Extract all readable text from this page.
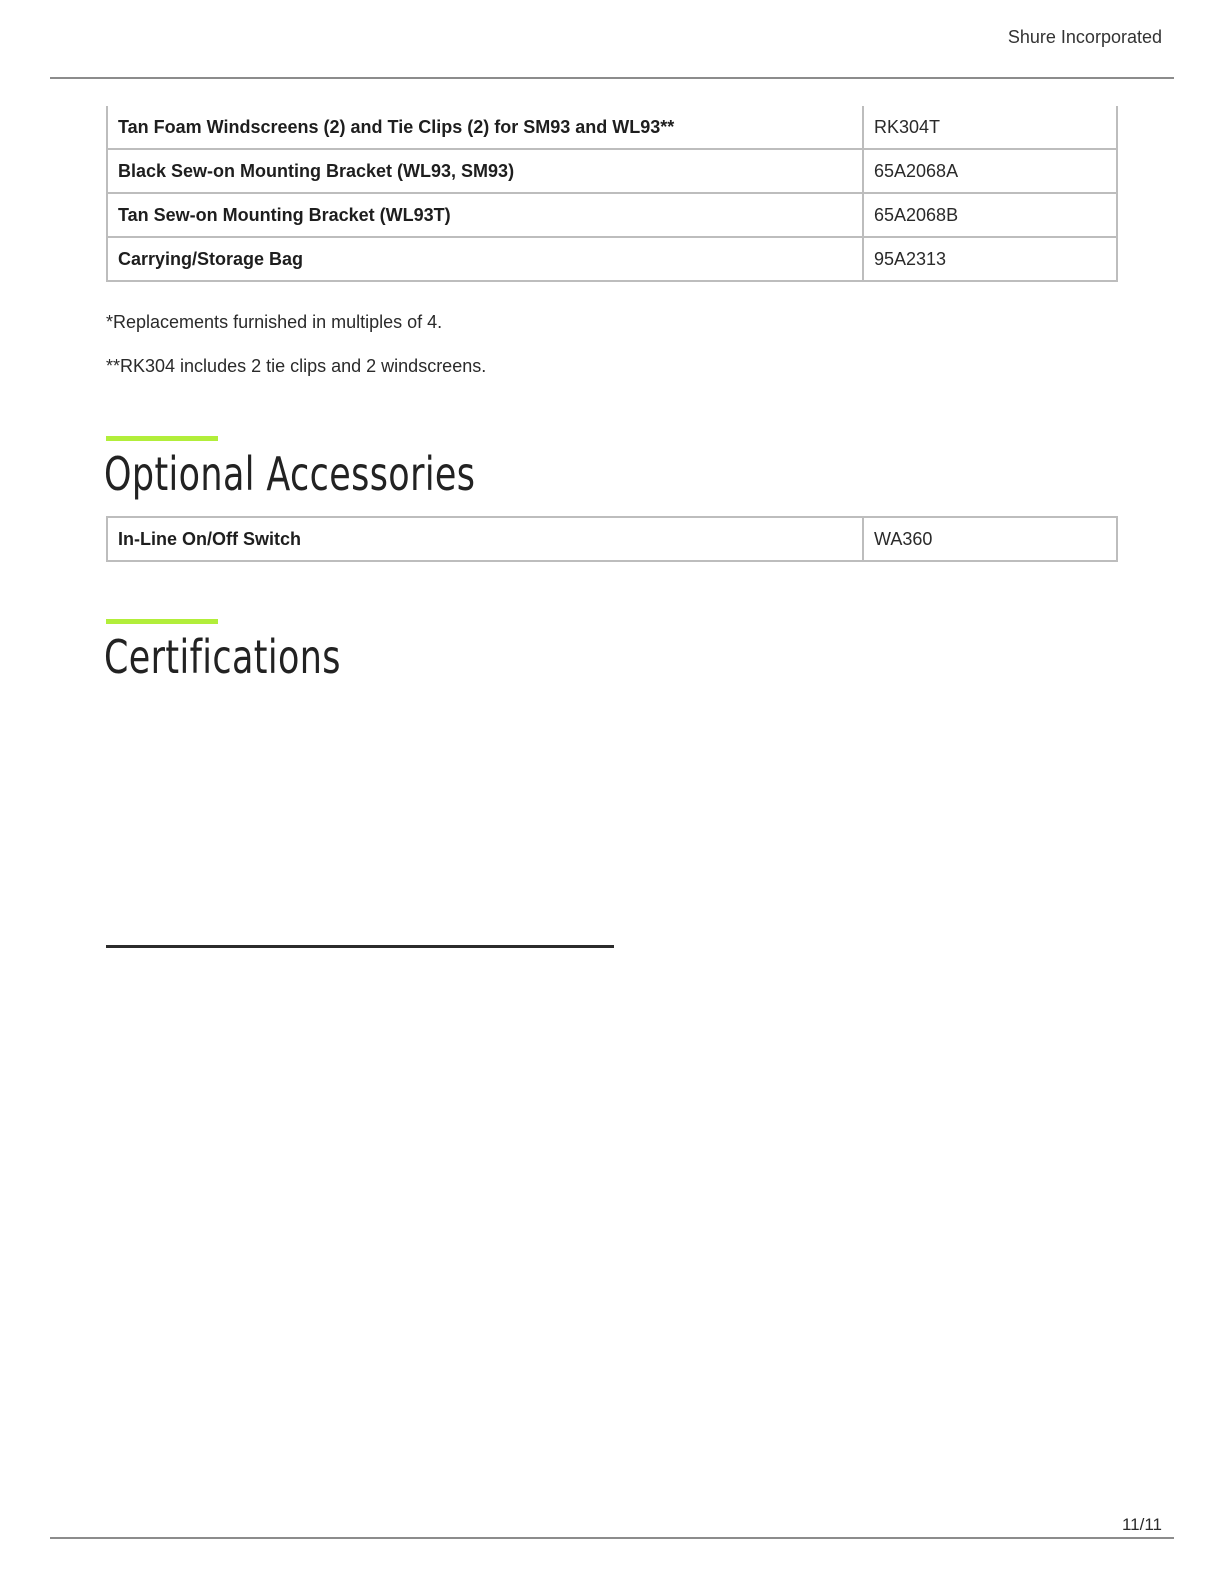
Shure Incorporated
Tan Foam Windscreens (2) and Tie Clips (2) for SM93 and WL93**	RK304T
Black Sew-on Mounting Bracket (WL93, SM93)	65A2068A
Tan Sew-on Mounting Bracket (WL93T)	65A2068B
Carrying/Storage Bag	95A2313
*Replacements furnished in multiples of 4.
**RK304 includes 2 tie clips and 2 windscreens.
Optional Accessories
In-Line On/Off Switch	WA360
Certifications
11/11
